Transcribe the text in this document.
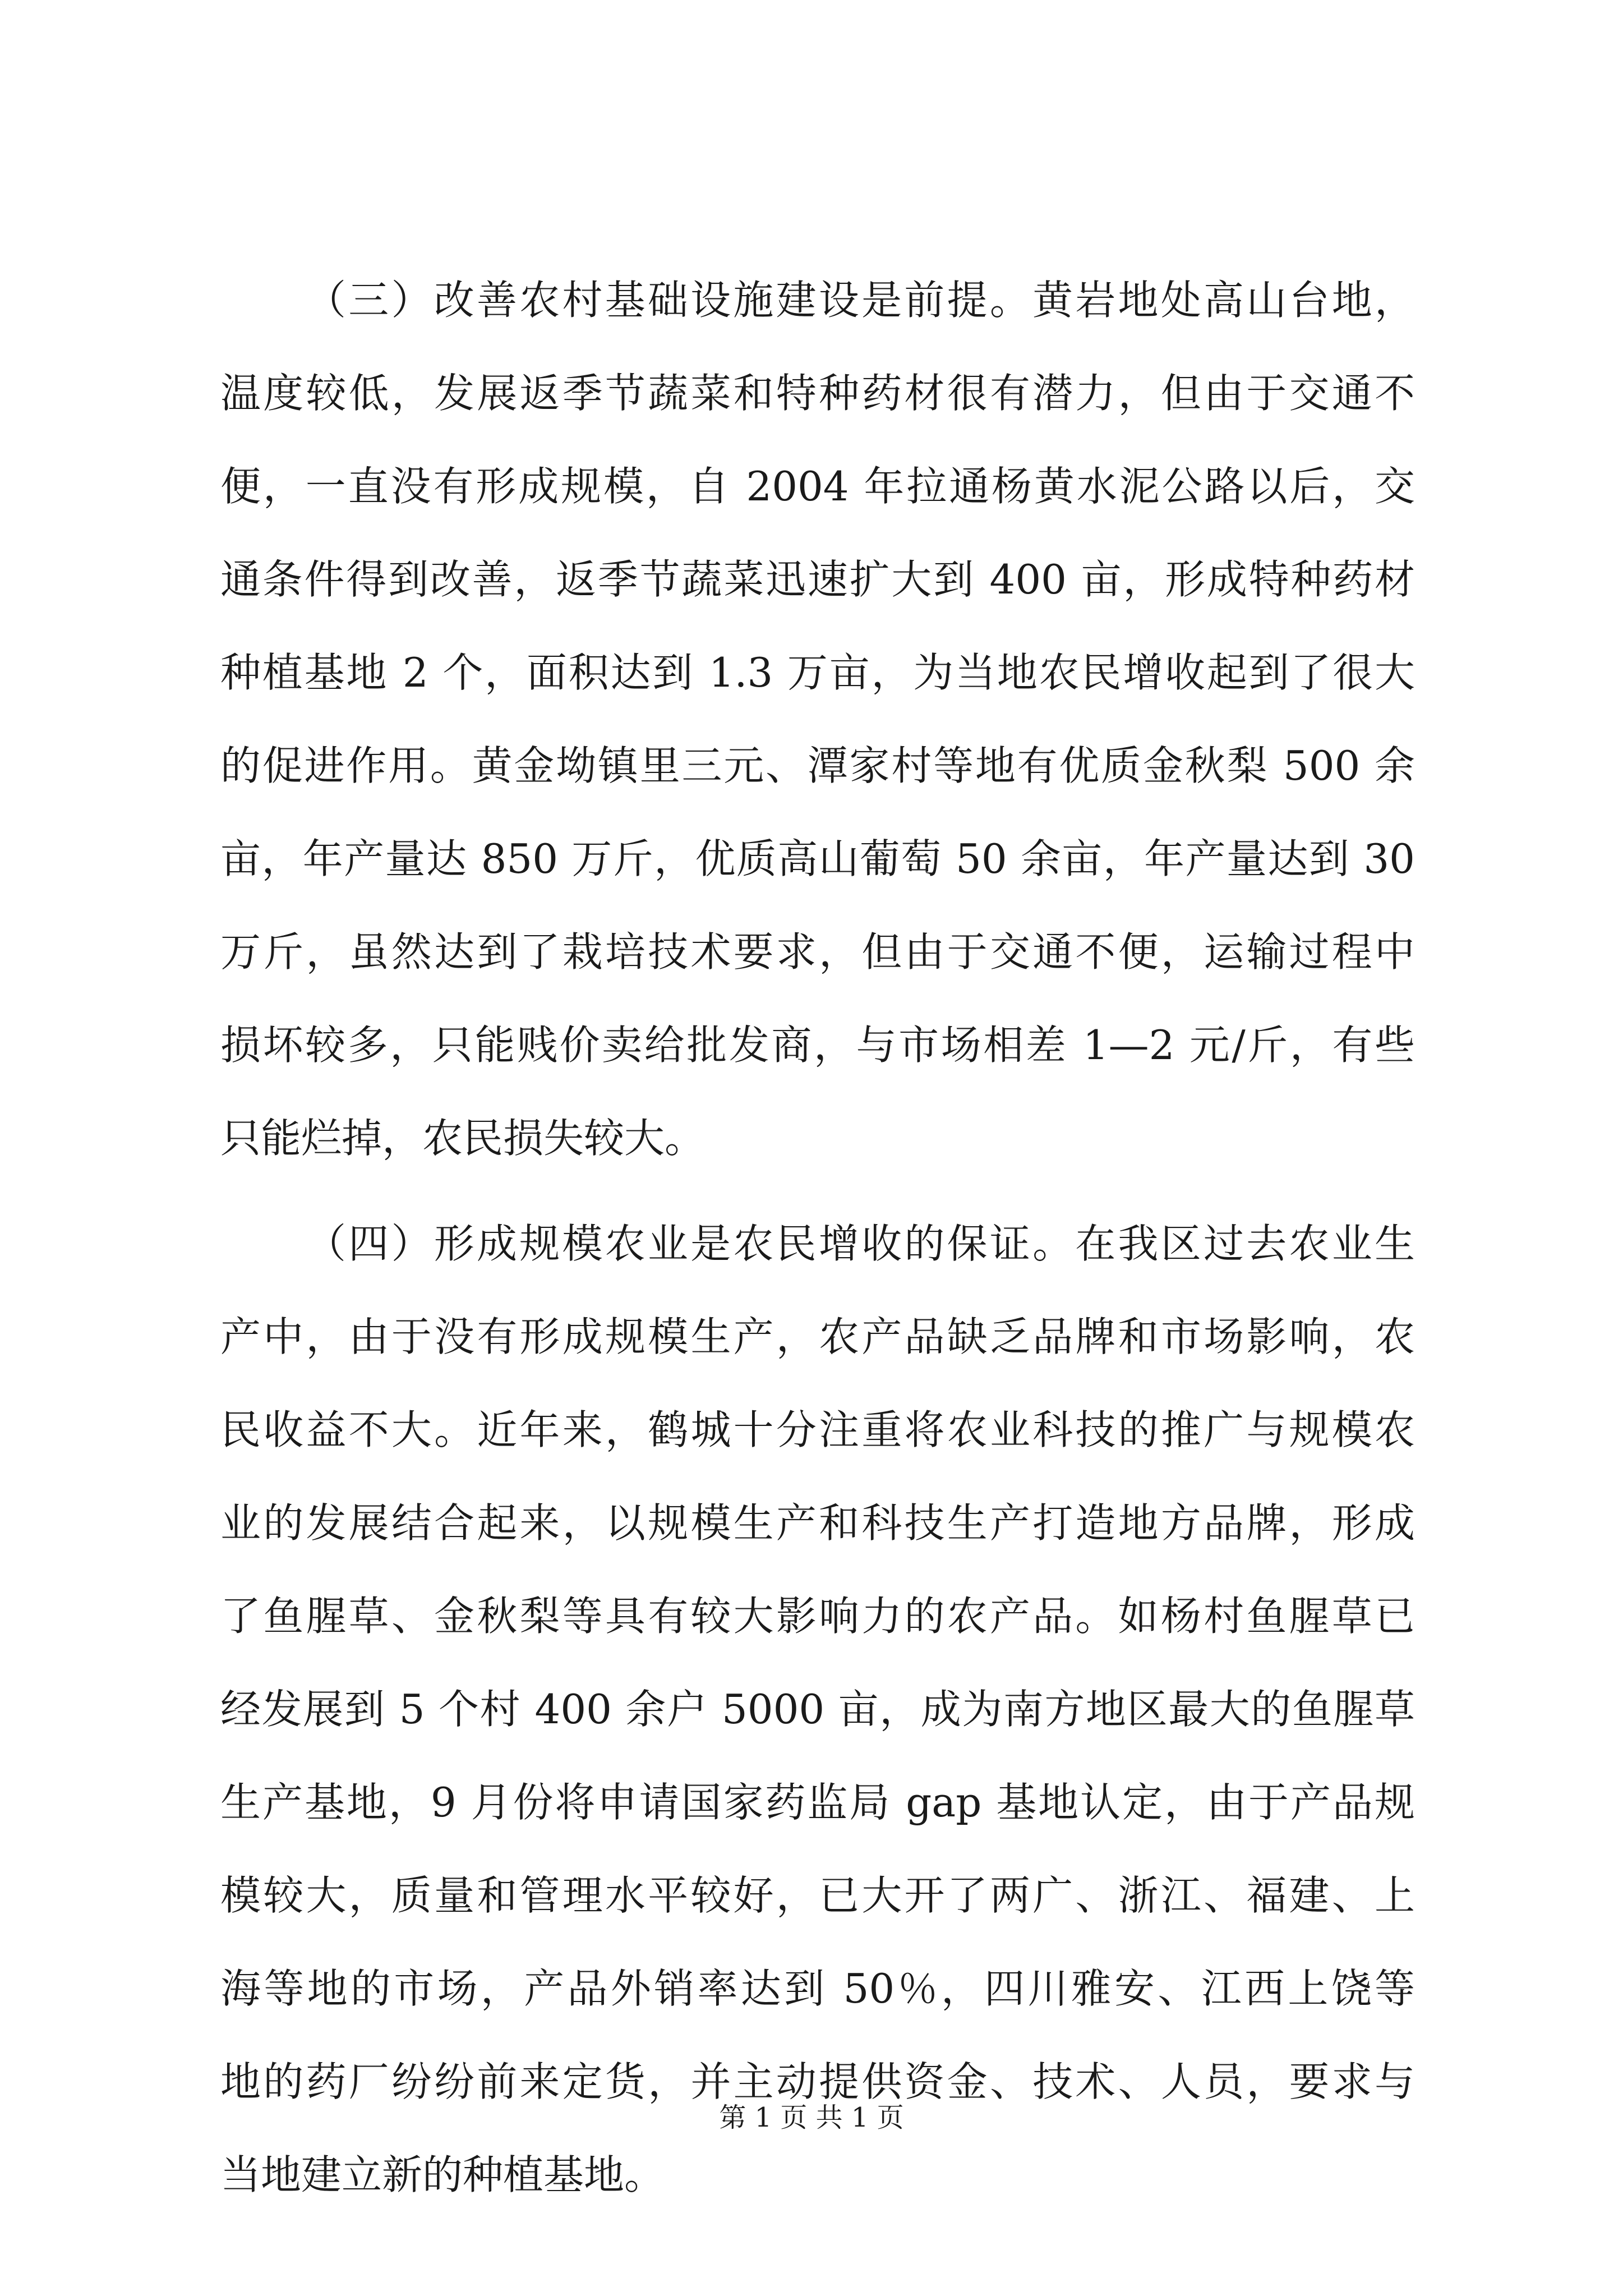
（三）改善农村基础设施建设是前提。黄岩地处高山台地，
温度较低，发展返季节蔬菜和特种药材很有潜力，但由于交通不
便，一直没有形成规模，自 2004 年拉通杨黄水泥公路以后，交
通条件得到改善，返季节蔬菜迅速扩大到 400 亩，形成特种药材
种植基地 2 个，面积达到 1.3 万亩，为当地农民增收起到了很大
的促进作用。黄金坳镇里三元、潭家村等地有优质金秋梨 500 余
亩，年产量达 850 万斤，优质高山葡萄 50 余亩，年产量达到 30
万斤，虽然达到了栽培技术要求，但由于交通不便，运输过程中
损坏较多，只能贱价卖给批发商，与市场相差 1—2 元/斤，有些
只能烂掉，农民损失较大。
（四）形成规模农业是农民增收的保证。在我区过去农业生
产中，由于没有形成规模生产，农产品缺乏品牌和市场影响，农
民收益不大。近年来，鹤城十分注重将农业科技的推广与规模农
业的发展结合起来，以规模生产和科技生产打造地方品牌，形成
了鱼腥草、金秋梨等具有较大影响力的农产品。如杨村鱼腥草已
经发展到 5 个村 400 余户 5000 亩，成为南方地区最大的鱼腥草
生产基地，9 月份将申请国家药监局 gap 基地认定，由于产品规
模较大，质量和管理水平较好，已大开了两广、浙江、福建、上
海等地的市场，产品外销率达到 50％，四川雅安、江西上饶等
地的药厂纷纷前来定货，并主动提供资金、技术、人员，要求与
当地建立新的种植基地。
第 1 页 共 1 页
